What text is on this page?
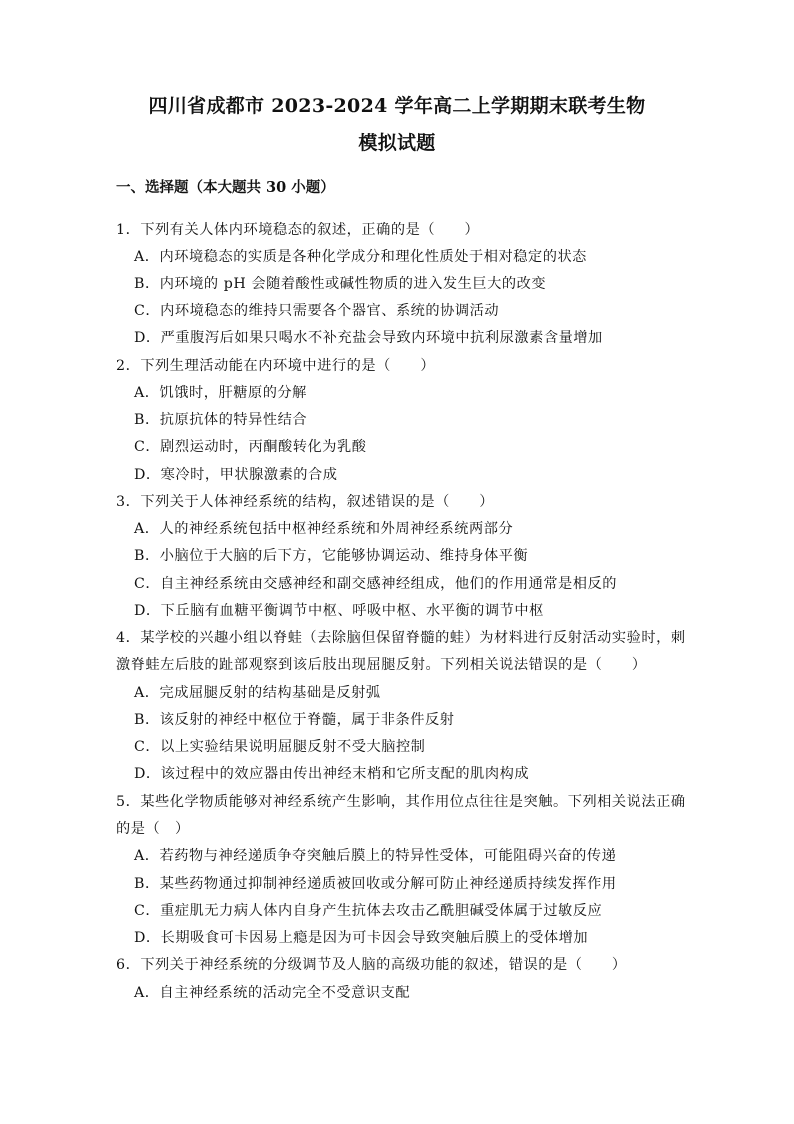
四川省成都市 2023-2024 学年高二上学期期末联考生物
模拟试题
一、选择题（本大题共 30 小题）
1．下列有关人体内环境稳态的叙述，正确的是（　　）
A．内环境稳态的实质是各种化学成分和理化性质处于相对稳定的状态
B．内环境的 pH 会随着酸性或碱性物质的进入发生巨大的改变
C．内环境稳态的维持只需要各个器官、系统的协调活动
D．严重腹泻后如果只喝水不补充盐会导致内环境中抗利尿激素含量增加
2．下列生理活动能在内环境中进行的是（　　）
A．饥饿时，肝糖原的分解
B．抗原抗体的特异性结合
C．剧烈运动时，丙酮酸转化为乳酸
D．寒冷时，甲状腺激素的合成
3．下列关于人体神经系统的结构，叙述错误的是（　　）
A．人的神经系统包括中枢神经系统和外周神经系统两部分
B．小脑位于大脑的后下方，它能够协调运动、维持身体平衡
C．自主神经系统由交感神经和副交感神经组成，他们的作用通常是相反的
D．下丘脑有血糖平衡调节中枢、呼吸中枢、水平衡的调节中枢
4．某学校的兴趣小组以脊蛙（去除脑但保留脊髓的蛙）为材料进行反射活动实验时，刺
激脊蛙左后肢的趾部观察到该后肢出现屈腿反射。下列相关说法错误的是（　　）
A．完成屈腿反射的结构基础是反射弧
B．该反射的神经中枢位于脊髓，属于非条件反射
C．以上实验结果说明屈腿反射不受大脑控制
D．该过程中的效应器由传出神经末梢和它所支配的肌肉构成
5．某些化学物质能够对神经系统产生影响，其作用位点往往是突触。下列相关说法正确
的是（　）
A．若药物与神经递质争夺突触后膜上的特异性受体，可能阻碍兴奋的传递
B．某些药物通过抑制神经递质被回收或分解可防止神经递质持续发挥作用
C．重症肌无力病人体内自身产生抗体去攻击乙酰胆碱受体属于过敏反应
D．长期吸食可卡因易上瘾是因为可卡因会导致突触后膜上的受体增加
6．下列关于神经系统的分级调节及人脑的高级功能的叙述，错误的是（　　）
A．自主神经系统的活动完全不受意识支配
